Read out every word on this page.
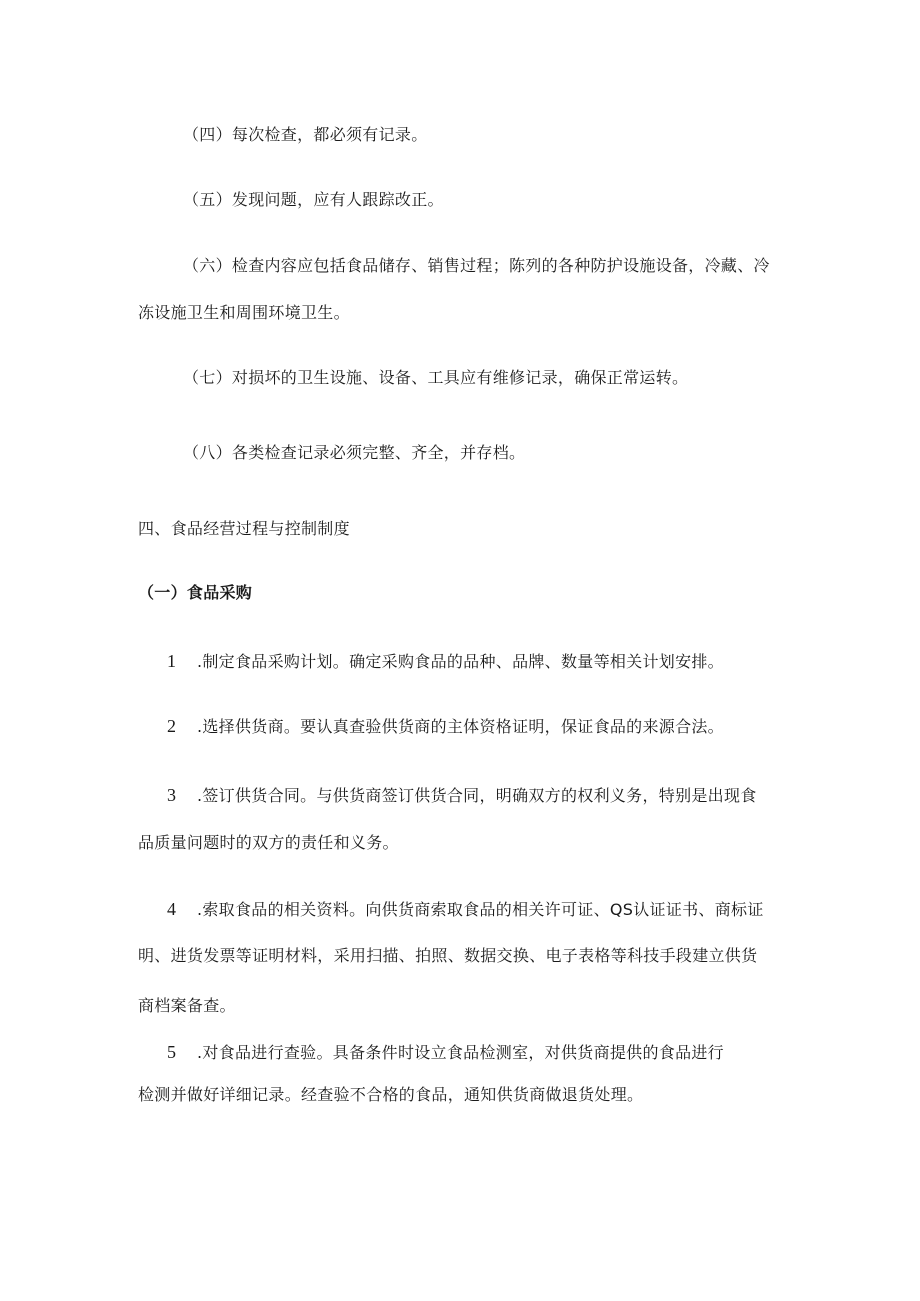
（四）每次检查，都必须有记录。
（五）发现问题，应有人跟踪改正。
（六）检查内容应包括食品储存、销售过程；陈列的各种防护设施设备，冷藏、冷
冻设施卫生和周围环境卫生。
（七）对损坏的卫生设施、设备、工具应有维修记录，确保正常运转。
（八）各类检查记录必须完整、齐全，并存档。
四、食品经营过程与控制制度
（一）食品采购
1 .制定食品采购计划。确定采购食品的品种、品牌、数量等相关计划安排。
2 .选择供货商。要认真查验供货商的主体资格证明，保证食品的来源合法。
3 .签订供货合同。与供货商签订供货合同，明确双方的权利义务，特别是出现食
品质量问题时的双方的责任和义务。
4 .索取食品的相关资料。向供货商索取食品的相关许可证、QS认证证书、商标证
明、进货发票等证明材料，采用扫描、拍照、数据交换、电子表格等科技手段建立供货
商档案备查。
5 .对食品进行查验。具备条件时设立食品检测室，对供货商提供的食品进行
检测并做好详细记录。经查验不合格的食品，通知供货商做退货处理。
